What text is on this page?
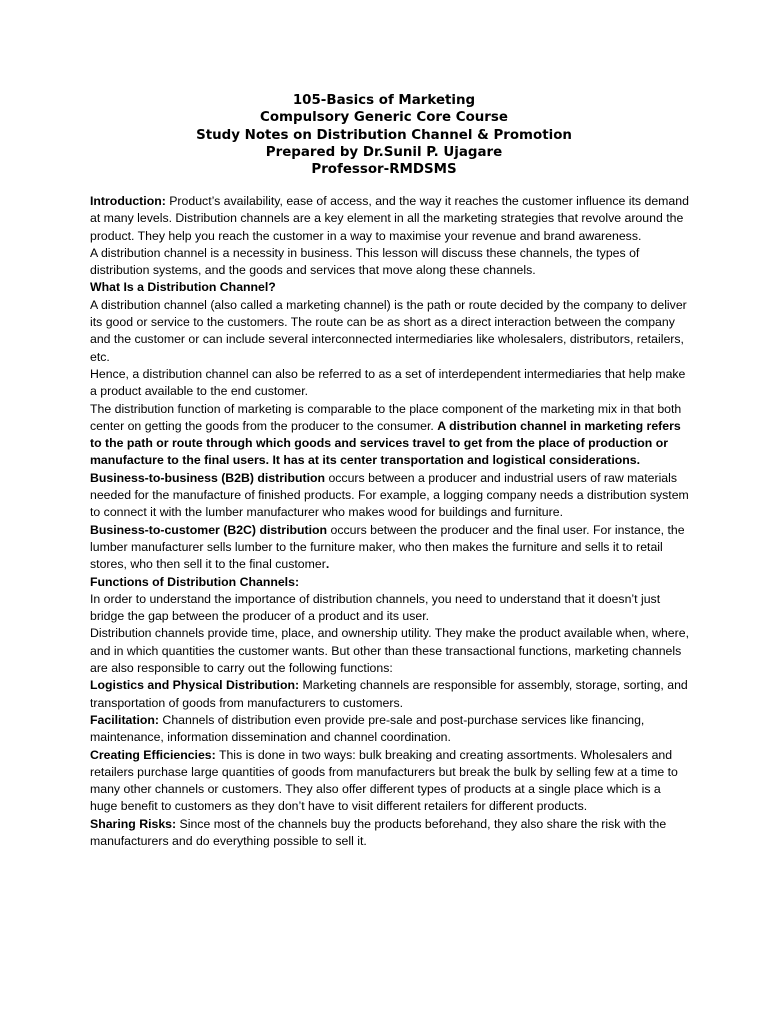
105-Basics of Marketing
Compulsory Generic Core Course
Study Notes on Distribution Channel & Promotion
Prepared by Dr.Sunil P. Ujagare
Professor-RMDSMS

Introduction: Product’s availability, ease of access, and the way it reaches the customer influence its demand at many levels. Distribution channels are a key element in all the marketing strategies that revolve around the product. They help you reach the customer in a way to maximise your revenue and brand awareness.

A distribution channel is a necessity in business. This lesson will discuss these channels, the types of distribution systems, and the goods and services that move along these channels.

What Is a Distribution Channel?

A distribution channel (also called a marketing channel) is the path or route decided by the company to deliver its good or service to the customers. The route can be as short as a direct interaction between the company and the customer or can include several interconnected intermediaries like wholesalers, distributors, retailers, etc.

Hence, a distribution channel can also be referred to as a set of interdependent intermediaries that help make a product available to the end customer.

The distribution function of marketing is comparable to the place component of the marketing mix in that both center on getting the goods from the producer to the consumer. A distribution channel in marketing refers to the path or route through which goods and services travel to get from the place of production or manufacture to the final users. It has at its center transportation and logistical considerations.

Business-to-business (B2B) distribution occurs between a producer and industrial users of raw materials needed for the manufacture of finished products. For example, a logging company needs a distribution system to connect it with the lumber manufacturer who makes wood for buildings and furniture.

Business-to-customer (B2C) distribution occurs between the producer and the final user. For instance, the lumber manufacturer sells lumber to the furniture maker, who then makes the furniture and sells it to retail stores, who then sell it to the final customer.

Functions of Distribution Channels:

In order to understand the importance of distribution channels, you need to understand that it doesn’t just bridge the gap between the producer of a product and its user.

Distribution channels provide time, place, and ownership utility. They make the product available when, where, and in which quantities the customer wants. But other than these transactional functions, marketing channels are also responsible to carry out the following functions:

Logistics and Physical Distribution: Marketing channels are responsible for assembly, storage, sorting, and transportation of goods from manufacturers to customers.

Facilitation: Channels of distribution even provide pre-sale and post-purchase services like financing, maintenance, information dissemination and channel coordination.

Creating Efficiencies: This is done in two ways: bulk breaking and creating assortments. Wholesalers and retailers purchase large quantities of goods from manufacturers but break the bulk by selling few at a time to many other channels or customers. They also offer different types of products at a single place which is a huge benefit to customers as they don’t have to visit different retailers for different products.

Sharing Risks: Since most of the channels buy the products beforehand, they also share the risk with the manufacturers and do everything possible to sell it.
